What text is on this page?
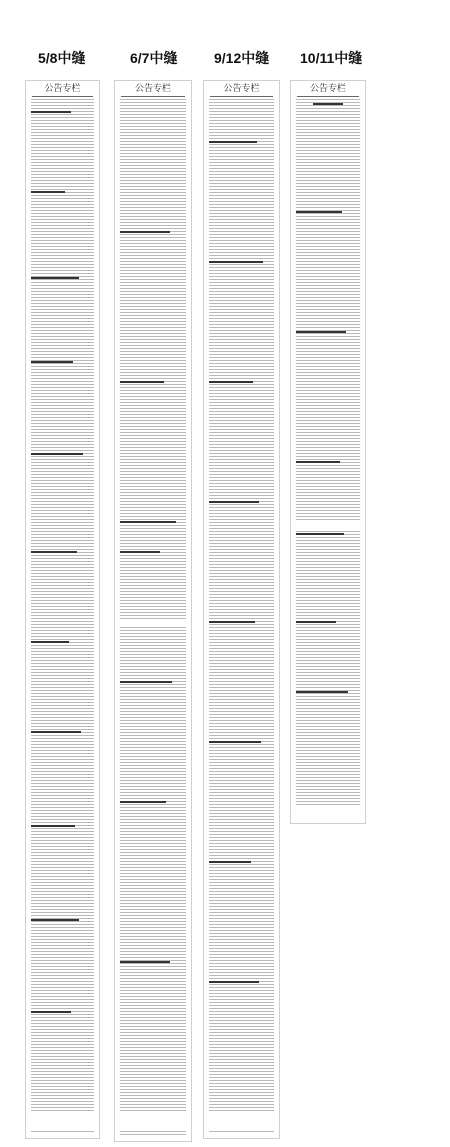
5/8中缝	6/7中缝	9/12中缝 10/11中缝
公告专栏	公告专栏	公告专栏	公告专栏
